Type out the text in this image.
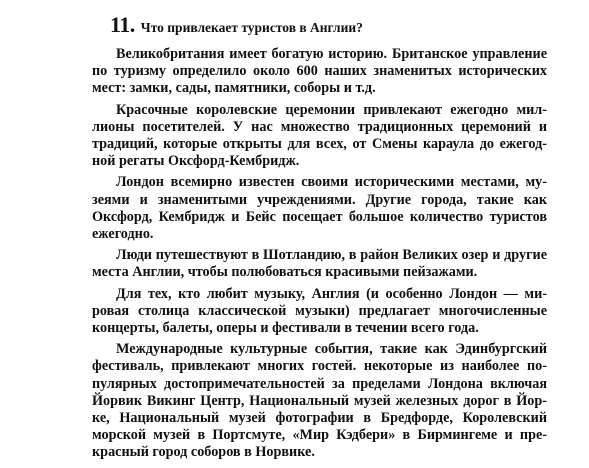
11. Что привлекает туристов в Англии?

Великобритания имеет богатую историю. Британское управление по туризму определило около 600 наших знаменитых исторических мест: замки, сады, памятники, соборы и т.д.

Красочные королевские церемонии привлекают ежегодно миллионы посетителей. У нас множество традиционных церемоний и традиций, которые открыты для всех, от Смены караула до ежегодной регаты Оксфорд-Кембридж.

Лондон всемирно известен своими историческими местами, музеями и знаменитыми учреждениями. Другие города, такие как Оксфорд, Кембридж и Бейс посещает большое количество туристов ежегодно.

Люди путешествуют в Шотландию, в район Великих озер и другие места Англии, чтобы полюбоваться красивыми пейзажами.

Для тех, кто любит музыку, Англия (и особенно Лондон — мировая столица классической музыки) предлагает многочисленные концерты, балеты, оперы и фестивали в течении всего года.

Международные культурные события, такие как Эдинбургский фестиваль, привлекают многих гостей. некоторые из наиболее популярных достопримечательностей за пределами Лондона включая Йорвик Викинг Центр, Национальный музей железных дорог в Йорке, Национальный музей фотографии в Бредфорде, Королевский морской музей в Портсмуте, «Мир Кэдбери» в Бирмингеме и прекрасный город соборов в Норвике.
